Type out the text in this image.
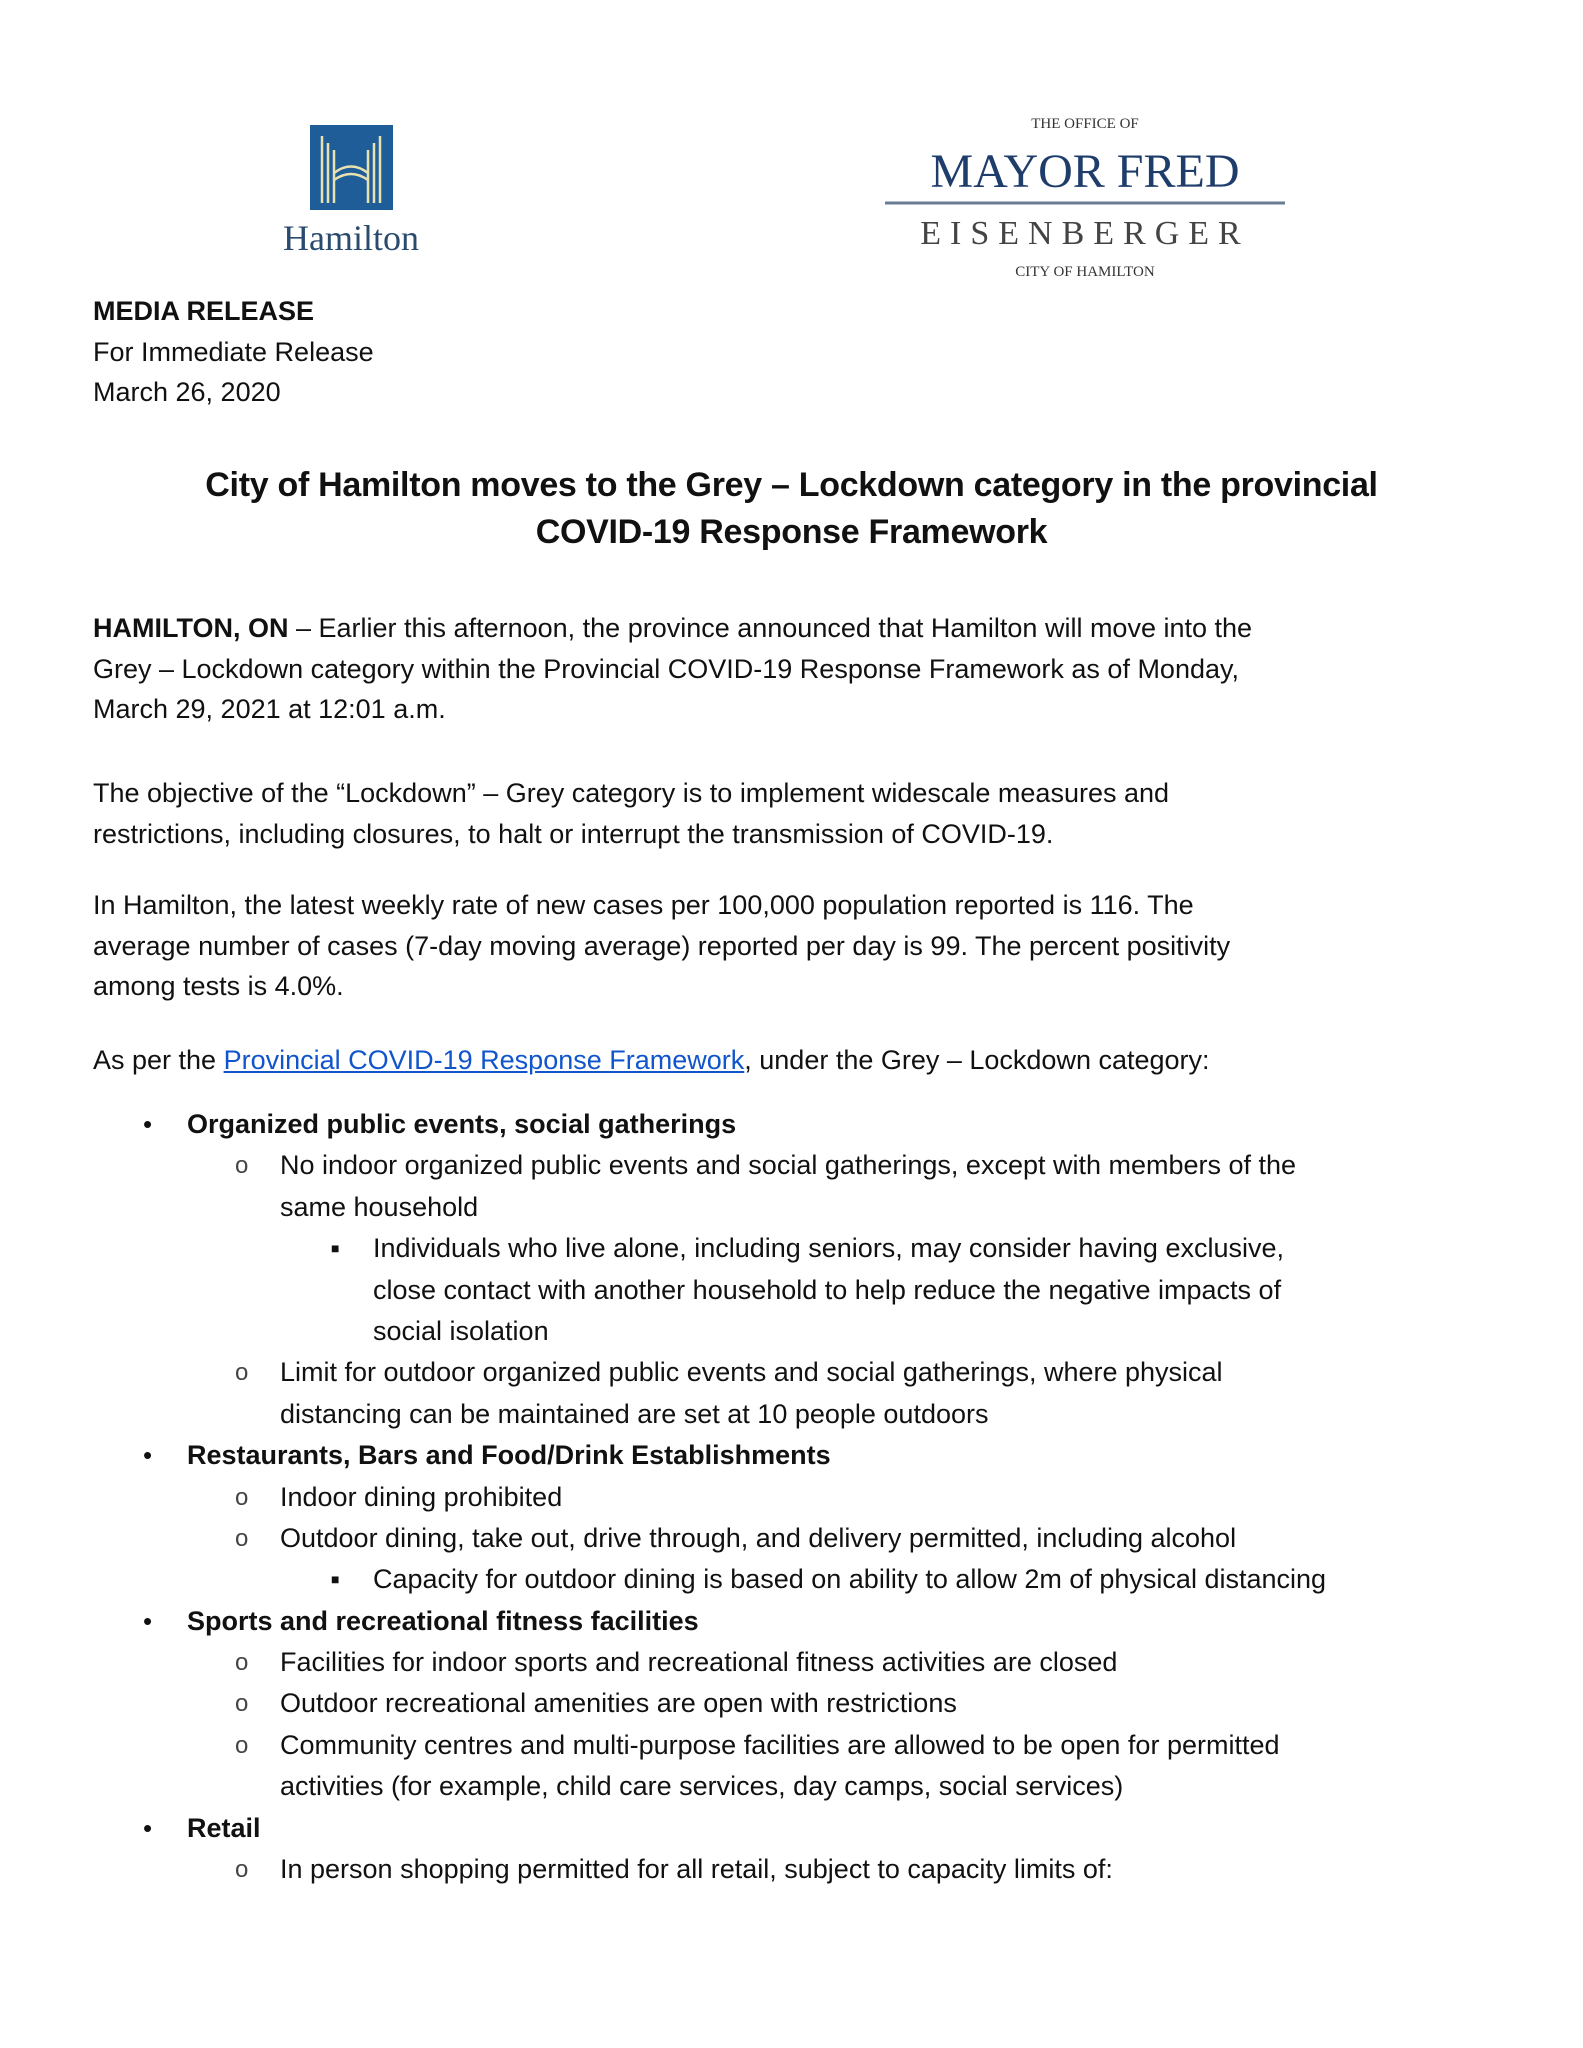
Hamilton
THE OFFICE OF
MAYOR FRED
EISENBERGER
CITY OF HAMILTON
MEDIA RELEASE
For Immediate Release
March 26, 2020
City of Hamilton moves to the Grey – Lockdown category in the provincial
COVID-19 Response Framework
HAMILTON, ON – Earlier this afternoon, the province announced that Hamilton will move into the
Grey – Lockdown category within the Provincial COVID-19 Response Framework as of Monday,
March 29, 2021 at 12:01 a.m.
The objective of the “Lockdown” – Grey category is to implement widescale measures and
restrictions, including closures, to halt or interrupt the transmission of COVID-19.
In Hamilton, the latest weekly rate of new cases per 100,000 population reported is 116. The
average number of cases (7-day moving average) reported per day is 99. The percent positivity
among tests is 4.0%.
As per the Provincial COVID-19 Response Framework, under the Grey – Lockdown category:
• Organized public events, social gatherings
o No indoor organized public events and social gatherings, except with members of the
same household
■ Individuals who live alone, including seniors, may consider having exclusive,
close contact with another household to help reduce the negative impacts of
social isolation
o Limit for outdoor organized public events and social gatherings, where physical
distancing can be maintained are set at 10 people outdoors
• Restaurants, Bars and Food/Drink Establishments
o Indoor dining prohibited
o Outdoor dining, take out, drive through, and delivery permitted, including alcohol
■ Capacity for outdoor dining is based on ability to allow 2m of physical distancing
• Sports and recreational fitness facilities
o Facilities for indoor sports and recreational fitness activities are closed
o Outdoor recreational amenities are open with restrictions
o Community centres and multi-purpose facilities are allowed to be open for permitted
activities (for example, child care services, day camps, social services)
• Retail
o In person shopping permitted for all retail, subject to capacity limits of:
